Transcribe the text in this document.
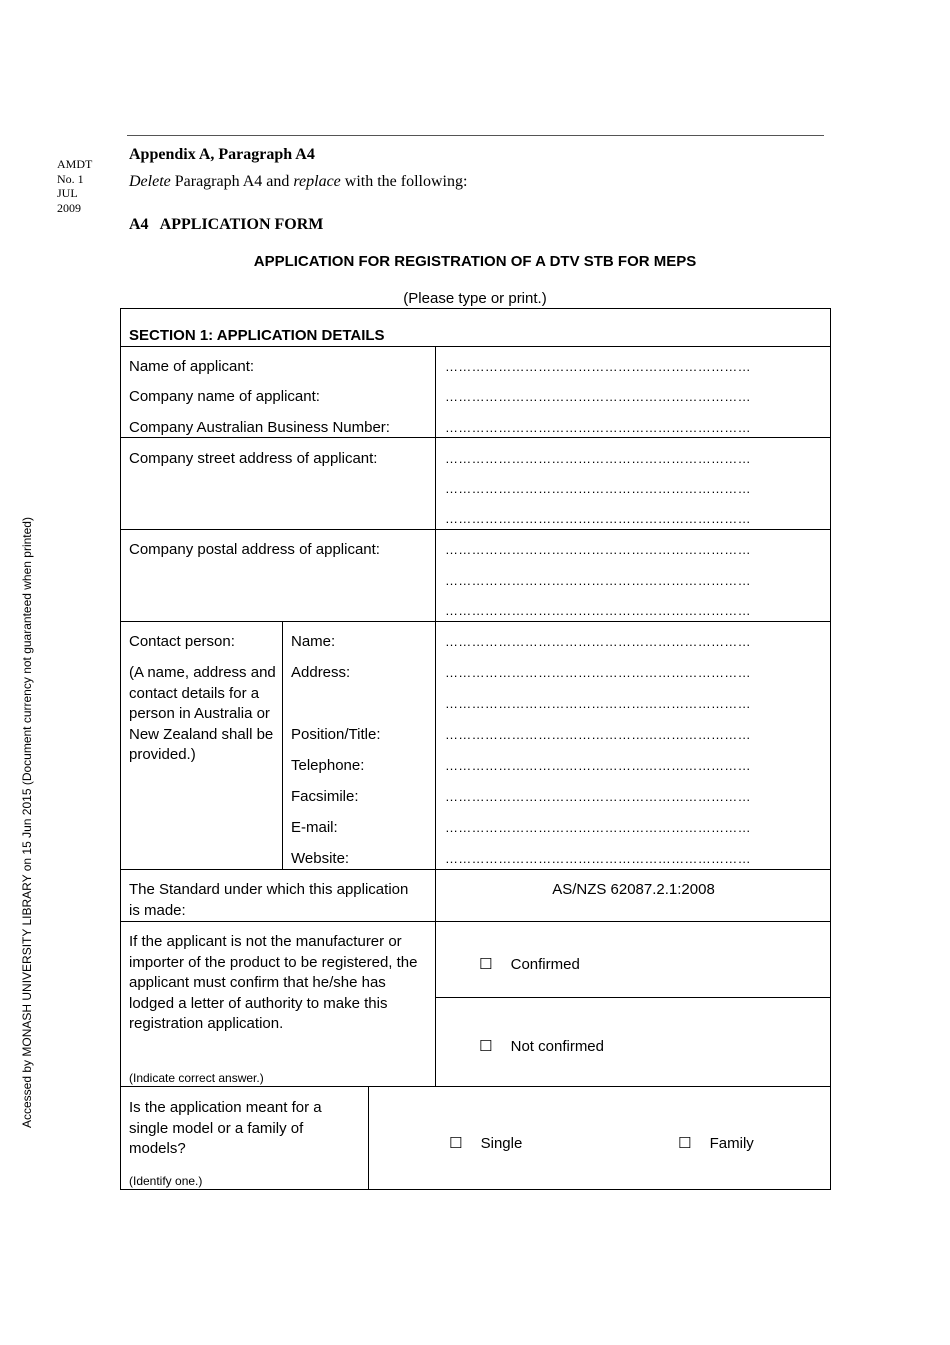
AMDT
No. 1
JUL
2009
Appendix A, Paragraph A4
Delete Paragraph A4 and replace with the following:
A4   APPLICATION FORM
APPLICATION FOR REGISTRATION OF A DTV STB FOR MEPS
(Please type or print.)
Accessed by MONASH UNIVERSITY LIBRARY on 15 Jun 2015 (Document currency not guaranteed when printed)
SECTION 1: APPLICATION DETAILS
Name of applicant:	……………………………………………………………
Company name of applicant:	……………………………………………………………
Company Australian Business Number:	……………………………………………………………
Company street address of applicant:	……………………………………………………………
……………………………………………………………
……………………………………………………………
Company postal address of applicant:	……………………………………………………………
……………………………………………………………
……………………………………………………………
Contact person:
(A name, address and contact details for a person in Australia or New Zealand shall be provided.)
Name:	……………………………………………………………
Address:	……………………………………………………………
……………………………………………………………
Position/Title:	……………………………………………………………
Telephone:	……………………………………………………………
Facsimile:	……………………………………………………………
E-mail:	……………………………………………………………
Website:	……………………………………………………………
The Standard under which this application is made:
AS/NZS 62087.2.1:2008
If the applicant is not the manufacturer or importer of the product to be registered, the applicant must confirm that he/she has lodged a letter of authority to make this registration application.
(Indicate correct answer.)
☐ Confirmed
☐ Not confirmed
Is the application meant for a single model or a family of models?
(Identify one.)
☐ Single	☐ Family
